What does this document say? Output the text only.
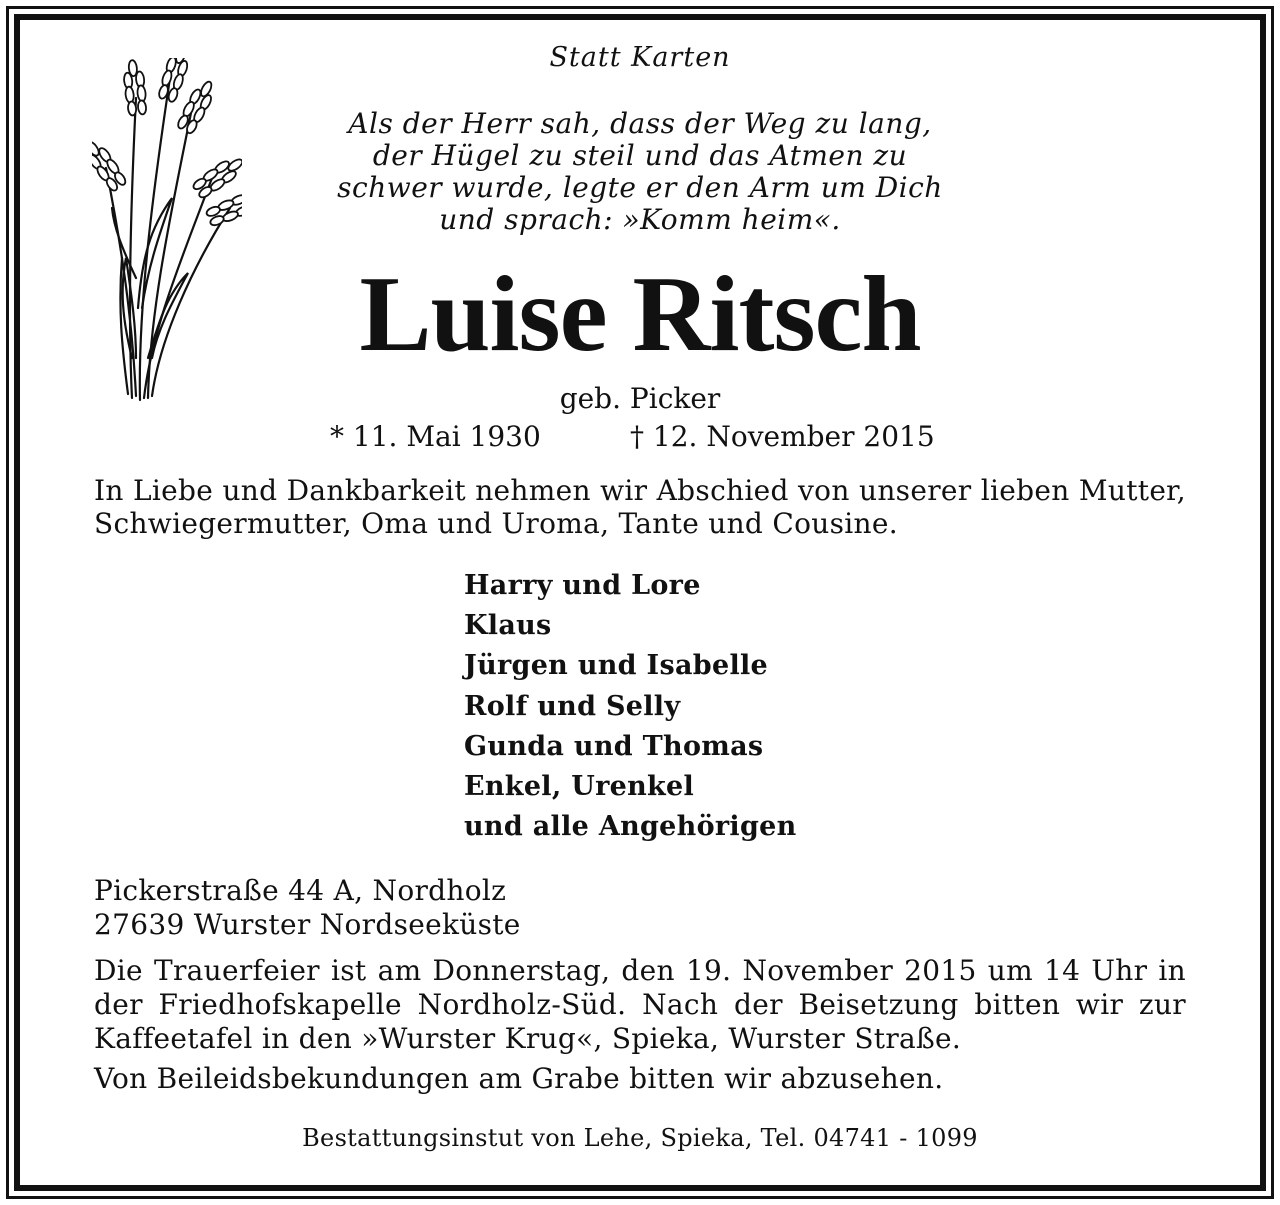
Statt Karten
Als der Herr sah, dass der Weg zu lang,
der Hügel zu steil und das Atmen zu
schwer wurde, legte er den Arm um Dich
und sprach: »Komm heim«.
Luise Ritsch
geb. Picker
* 11. Mai 1930	† 12. November 2015
In Liebe und Dankbarkeit nehmen wir Abschied von unserer lieben Mutter, Schwiegermutter, Oma und Uroma, Tante und Cousine.
Harry und Lore
Klaus
Jürgen und Isabelle
Rolf und Selly
Gunda und Thomas
Enkel, Urenkel
und alle Angehörigen
Pickerstraße 44 A, Nordholz
27639 Wurster Nordseeküste
Die Trauerfeier ist am Donnerstag, den 19. November 2015 um 14 Uhr in
der Friedhofskapelle Nordholz-Süd. Nach der Beisetzung bitten wir zur
Kaffeetafel in den »Wurster Krug«, Spieka, Wurster Straße.
Von Beileidsbekundungen am Grabe bitten wir abzusehen.
Bestattungsinstut von Lehe, Spieka, Tel. 04741 - 1099
